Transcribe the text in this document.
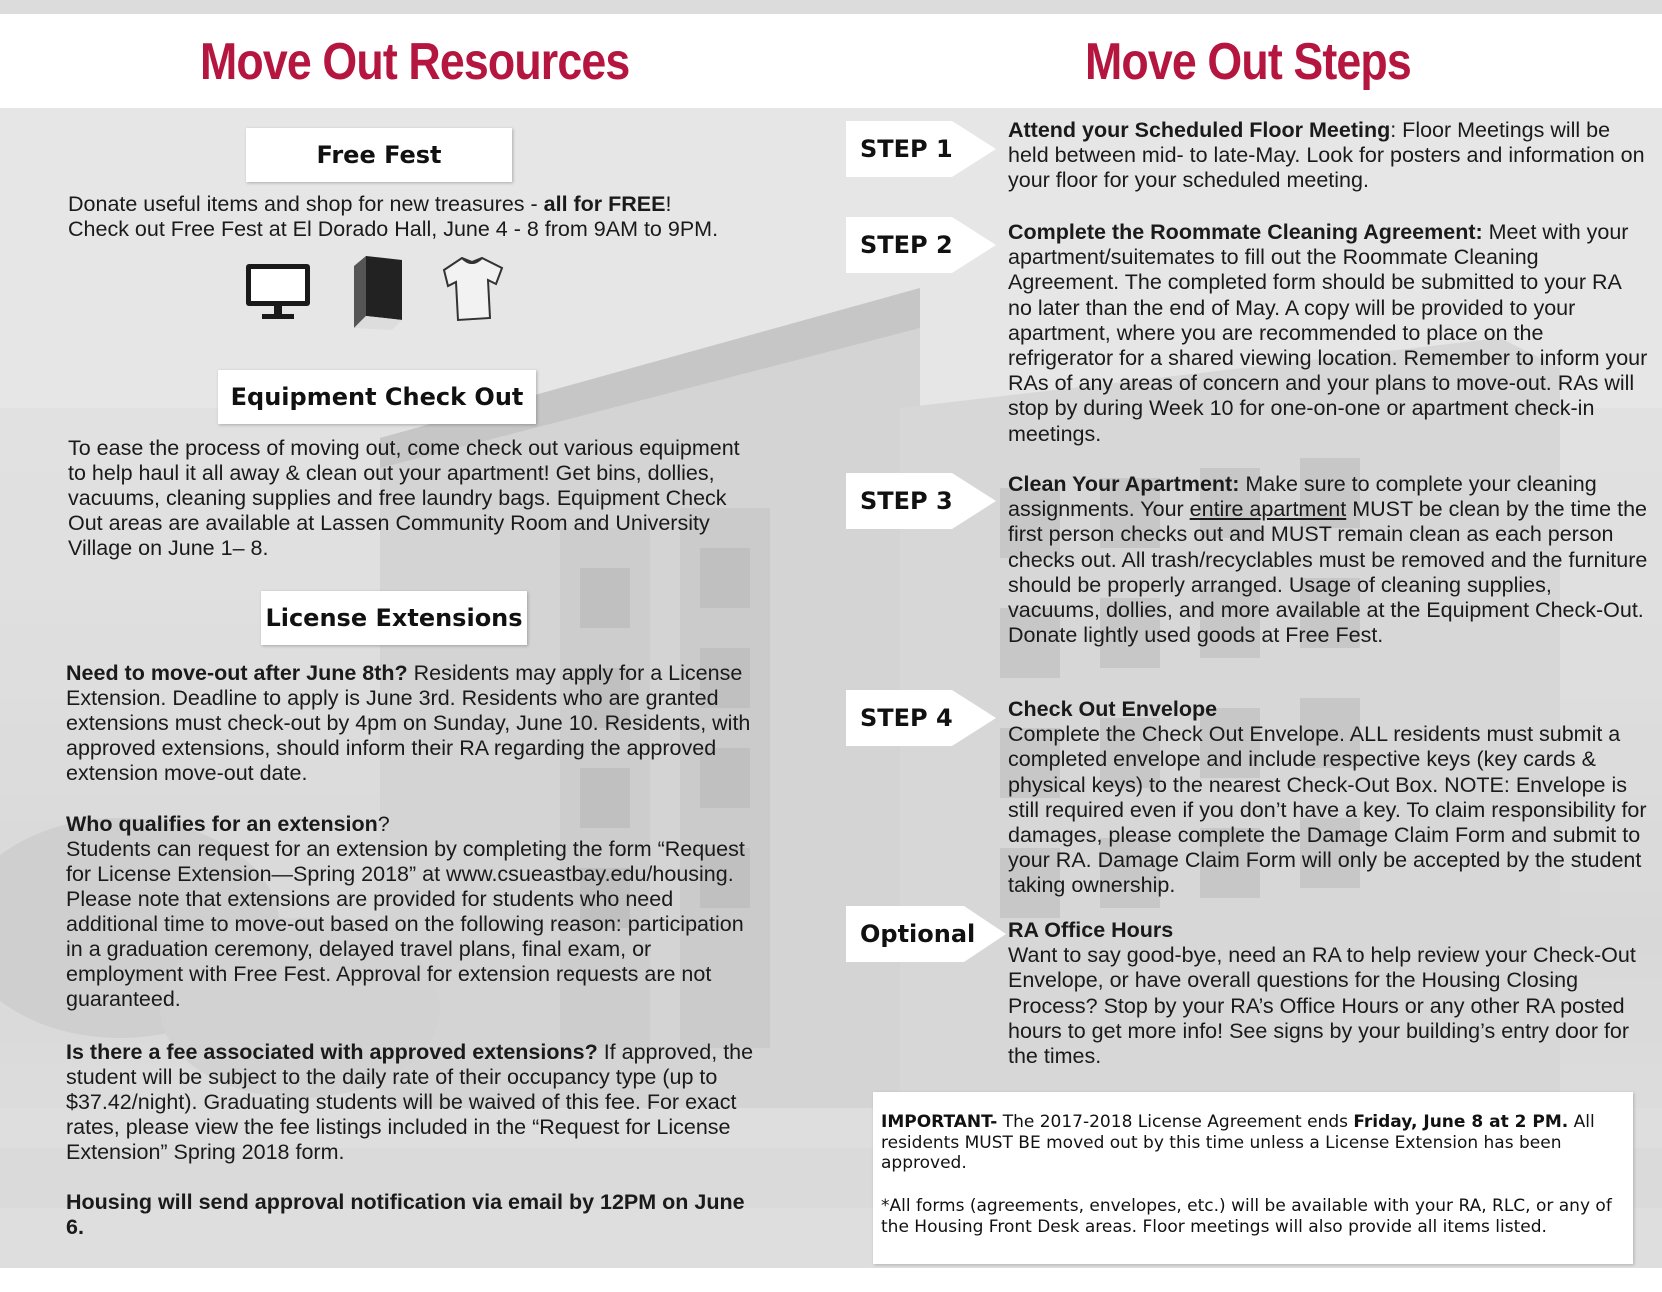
Move Out Resources	Move Out Steps
Free Fest

Donate useful items and shop for new treasures - all for FREE! Check out Free Fest at El Dorado Hall, June 4 - 8 from 9AM to 9PM.

Equipment Check Out

To ease the process of moving out, come check out various equipment to help haul it all away & clean out your apartment! Get bins, dollies, vacuums, cleaning supplies and free laundry bags. Equipment Check Out areas are available at Lassen Community Room and University Village on June 1– 8.

License Extensions

Need to move-out after June 8th? Residents may apply for a License Extension. Deadline to apply is June 3rd. Residents who are granted extensions must check-out by 4pm on Sunday, June 10. Residents, with approved extensions, should inform their RA regarding the approved extension move-out date.

Who qualifies for an extension?
Students can request for an extension by completing the form “Request for License Extension—Spring 2018” at www.csueastbay.edu/housing. Please note that extensions are provided for students who need additional time to move-out based on the following reason: participation in a graduation ceremony, delayed travel plans, final exam, or employment with Free Fest. Approval for extension requests are not guaranteed.

Is there a fee associated with approved extensions? If approved, the student will be subject to the daily rate of their occupancy type (up to $37.42/night). Graduating students will be waived of this fee. For exact rates, please view the fee listings included in the “Request for License Extension” Spring 2018 form.

Housing will send approval notification via email by 12PM on June 6.

STEP 1
STEP 2
STEP 3
STEP 4
Optional

Attend your Scheduled Floor Meeting: Floor Meetings will be held between mid- to late-May. Look for posters and information on your floor for your scheduled meeting.

Complete the Roommate Cleaning Agreement: Meet with your apartment/suitemates to fill out the Roommate Cleaning Agreement. The completed form should be submitted to your RA no later than the end of May. A copy will be provided to your apartment, where you are recommended to place on the refrigerator for a shared viewing location. Remember to inform your RAs of any areas of concern and your plans to move-out. RAs will stop by during Week 10 for one-on-one or apartment check-in meetings.

Clean Your Apartment: Make sure to complete your cleaning assignments. Your entire apartment MUST be clean by the time the first person checks out and MUST remain clean as each person checks out. All trash/recyclables must be removed and the furniture should be properly arranged. Usage of cleaning supplies, vacuums, dollies, and more available at the Equipment Check-Out. Donate lightly used goods at Free Fest.

Check Out Envelope
Complete the Check Out Envelope. ALL residents must submit a completed envelope and include respective keys (key cards & physical keys) to the nearest Check-Out Box. NOTE: Envelope is still required even if you don’t have a key. To claim responsibility for damages, please complete the Damage Claim Form and submit to your RA. Damage Claim Form will only be accepted by the student taking ownership.

RA Office Hours
Want to say good-bye, need an RA to help review your Check-Out Envelope, or have overall questions for the Housing Closing Process? Stop by your RA’s Office Hours or any other RA posted hours to get more info! See signs by your building’s entry door for the times.

IMPORTANT- The 2017-2018 License Agreement ends Friday, June 8 at 2 PM. All residents MUST BE moved out by this time unless a License Extension has been approved.

*All forms (agreements, envelopes, etc.) will be available with your RA, RLC, or any of the Housing Front Desk areas. Floor meetings will also provide all items listed.
